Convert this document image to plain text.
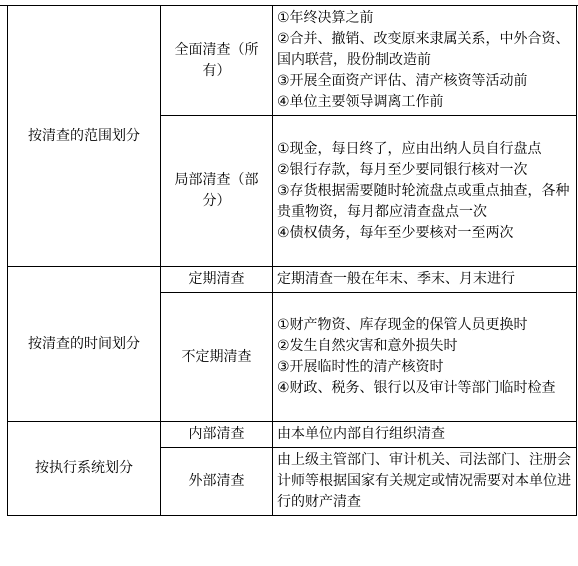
按清查的范围划分	全面清查（所有）	①年终决算之前
②合并、撤销、改变原来隶属关系，中外合资、国内联营，股份制改造前
③开展全面资产评估、清产核资等活动前
④单位主要领导调离工作前

	局部清查（部分）	①现金，每日终了，应由出纳人员自行盘点
②银行存款，每月至少要同银行核对一次
③存货根据需要随时轮流盘点或重点抽查，各种贵重物资，每月都应清查盘点一次
④债权债务，每年至少要核对一至两次

按清查的时间划分	定期清查	定期清查一般在年末、季末、月末进行

	不定期清查	①财产物资、库存现金的保管人员更换时
②发生自然灾害和意外损失时
③开展临时性的清产核资时
④财政、税务、银行以及审计等部门临时检查

按执行系统划分	内部清查	由本单位内部自行组织清查

	外部清查	由上级主管部门、审计机关、司法部门、注册会计师等根据国家有关规定或情况需要对本单位进行的财产清查
